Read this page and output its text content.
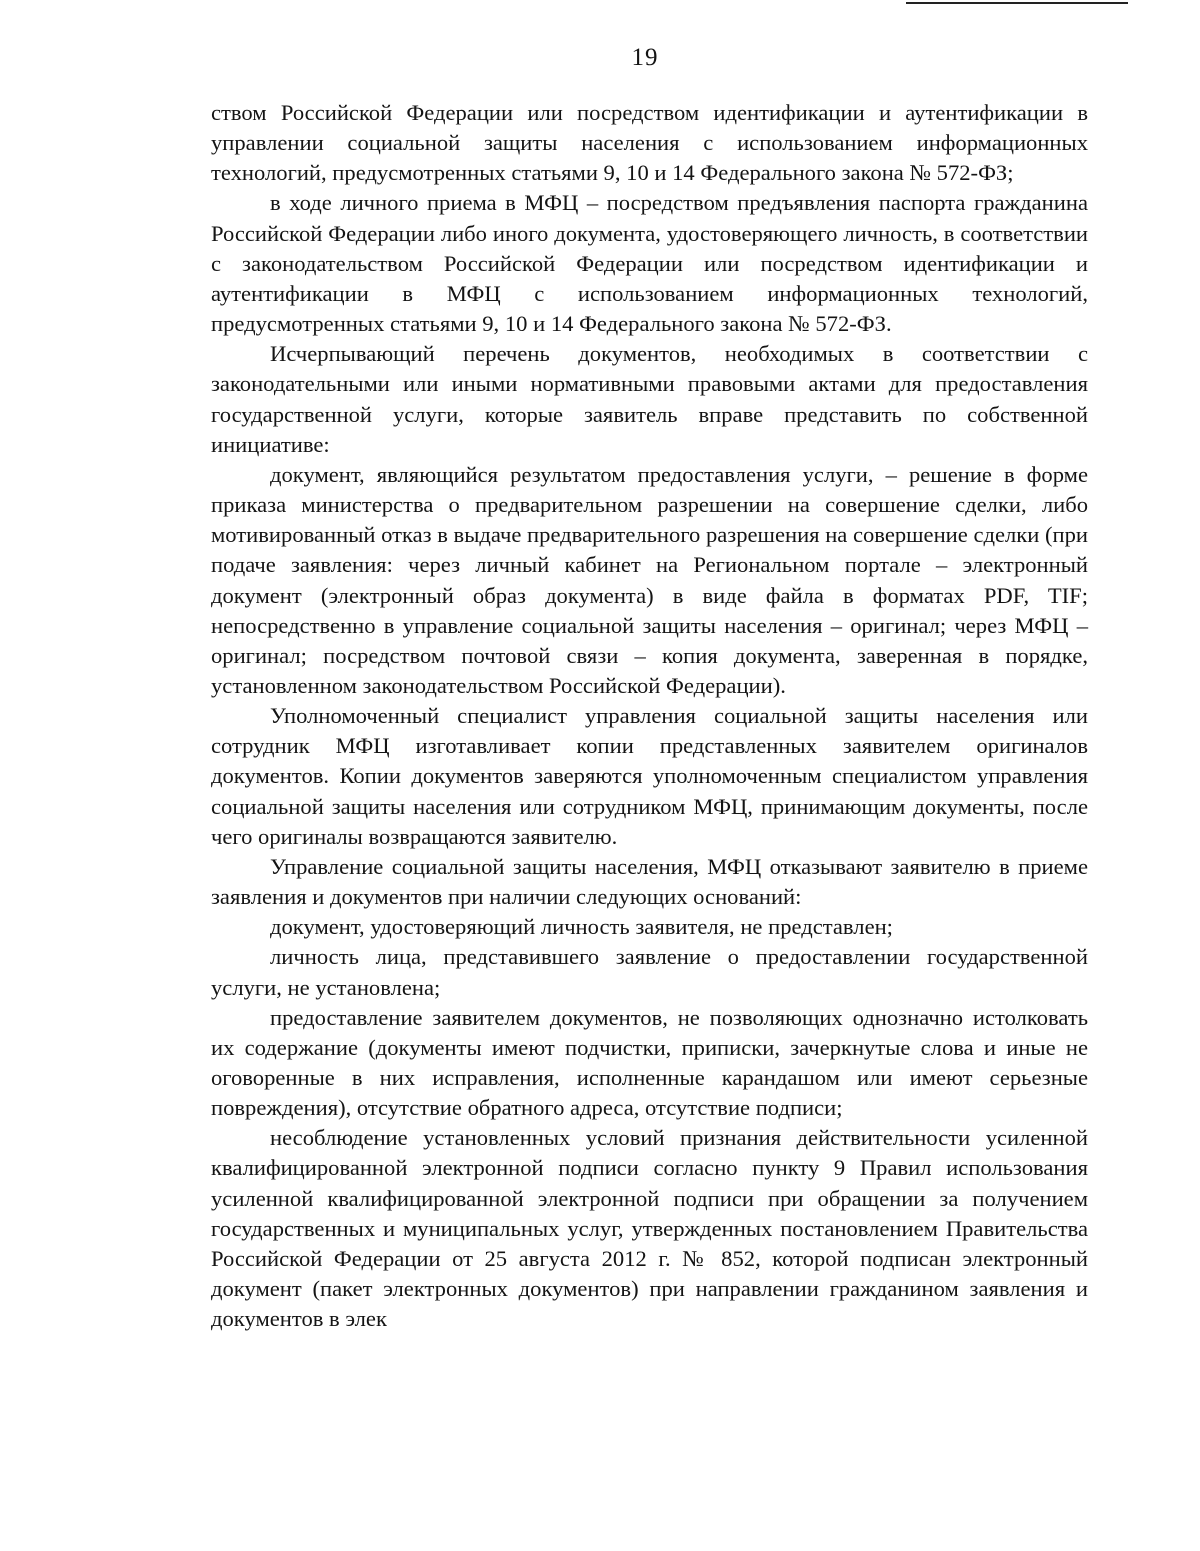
19

ством Российской Федерации или посредством идентификации и аутентификации в управлении социальной защиты населения с использованием информационных технологий, предусмотренных статьями 9, 10 и 14 Федерального закона № 572-ФЗ;

в ходе личного приема в МФЦ – посредством предъявления паспорта гражданина Российской Федерации либо иного документа, удостоверяющего личность, в соответствии с законодательством Российской Федерации или посредством идентификации и аутентификации в МФЦ с использованием информационных технологий, предусмотренных статьями 9, 10 и 14 Федерального закона № 572-ФЗ.

Исчерпывающий перечень документов, необходимых в соответствии с законодательными или иными нормативными правовыми актами для предоставления государственной услуги, которые заявитель вправе представить по собственной инициативе:

документ, являющийся результатом предоставления услуги, – решение в форме приказа министерства о предварительном разрешении на совершение сделки, либо мотивированный отказ в выдаче предварительного разрешения на совершение сделки (при подаче заявления: через личный кабинет на Региональном портале – электронный документ (электронный образ документа) в виде файла в форматах PDF, TIF; непосредственно в управление социальной защиты населения – оригинал; через МФЦ – оригинал; посредством почтовой связи – копия документа, заверенная в порядке, установленном законодательством Российской Федерации).

Уполномоченный специалист управления социальной защиты населения или сотрудник МФЦ изготавливает копии представленных заявителем оригиналов документов. Копии документов заверяются уполномоченным специалистом управления социальной защиты населения или сотрудником МФЦ, принимающим документы, после чего оригиналы возвращаются заявителю.

Управление социальной защиты населения, МФЦ отказывают заявителю в приеме заявления и документов при наличии следующих оснований:

документ, удостоверяющий личность заявителя, не представлен;

личность лица, представившего заявление о предоставлении государственной услуги, не установлена;

предоставление заявителем документов, не позволяющих однозначно истолковать их содержание (документы имеют подчистки, приписки, зачеркнутые слова и иные не оговоренные в них исправления, исполненные карандашом или имеют серьезные повреждения), отсутствие обратного адреса, отсутствие подписи;

несоблюдение установленных условий признания действительности усиленной квалифицированной электронной подписи согласно пункту 9 Правил использования усиленной квалифицированной электронной подписи при обращении за получением государственных и муниципальных услуг, утвержденных постановлением Правительства Российской Федерации от 25 августа 2012 г. № 852, которой подписан электронный документ (пакет электронных документов) при направлении гражданином заявления и документов в элек
